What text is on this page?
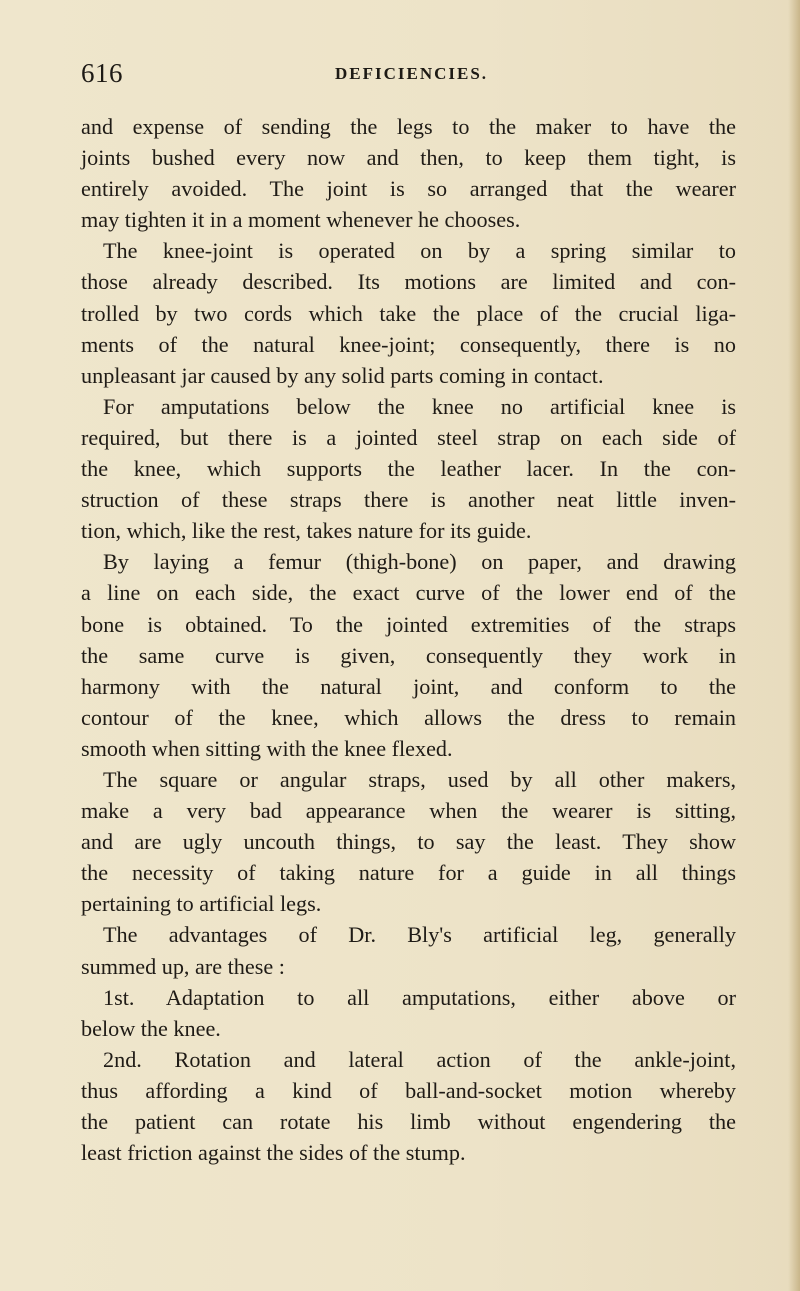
616	DEFICIENCIES.
and expense of sending the legs to the maker to have the
joints bushed every now and then, to keep them tight, is
entirely avoided. The joint is so arranged that the wearer
may tighten it in a moment whenever he chooses.
The knee-joint is operated on by a spring similar to
those already described. Its motions are limited and con-
trolled by two cords which take the place of the crucial liga-
ments of the natural knee-joint; consequently, there is no
unpleasant jar caused by any solid parts coming in contact.
For amputations below the knee no artificial knee is
required, but there is a jointed steel strap on each side of
the knee, which supports the leather lacer. In the con-
struction of these straps there is another neat little inven-
tion, which, like the rest, takes nature for its guide.
By laying a femur (thigh-bone) on paper, and drawing
a line on each side, the exact curve of the lower end of the
bone is obtained. To the jointed extremities of the straps
the same curve is given, consequently they work in
harmony with the natural joint, and conform to the
contour of the knee, which allows the dress to remain
smooth when sitting with the knee flexed.
The square or angular straps, used by all other makers,
make a very bad appearance when the wearer is sitting,
and are ugly uncouth things, to say the least. They show
the necessity of taking nature for a guide in all things
pertaining to artificial legs.
The advantages of Dr. Bly's artificial leg, generally
summed up, are these :
1st. Adaptation to all amputations, either above or
below the knee.
2nd. Rotation and lateral action of the ankle-joint,
thus affording a kind of ball-and-socket motion whereby
the patient can rotate his limb without engendering the
least friction against the sides of the stump.
